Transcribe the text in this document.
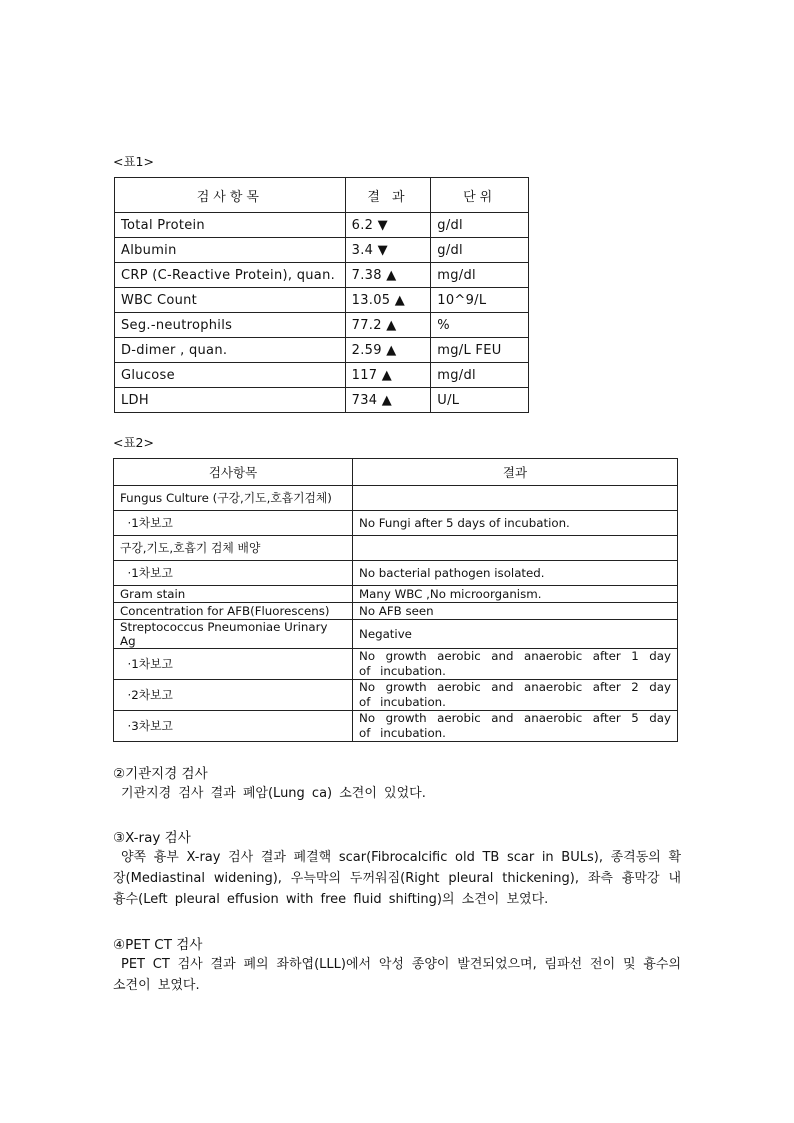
<표1>
검사항목	결 과	단위
Total Protein	6.2 ▼	g/dl
Albumin	3.4 ▼	g/dl
CRP (C-Reactive Protein), quan.	7.38 ▲	mg/dl
WBC Count	13.05 ▲	10^9/L
Seg.-neutrophils	77.2 ▲	%
D-dimer , quan.	2.59 ▲	mg/L FEU
Glucose	117 ▲	mg/dl
LDH	734 ▲	U/L
<표2>
검사항목	결과
Fungus Culture (구강,기도,호흡기검체)	
·1차보고	No Fungi after 5 days of incubation.
구강,기도,호흡기 검체 배양	
·1차보고	No bacterial pathogen isolated.
Gram stain	Many WBC ,No microorganism.
Concentration for AFB(Fluorescens)	No AFB seen
Streptococcus Pneumoniae Urinary Ag	Negative
·1차보고	No growth aerobic and anaerobic after 1 day of incubation.
·2차보고	No growth aerobic and anaerobic after 2 day of incubation.
·3차보고	No growth aerobic and anaerobic after 5 day of incubation.
②기관지경 검사
기관지경 검사 결과 폐암(Lung ca) 소견이 있었다.
③X-ray 검사
양쪽 흉부 X-ray 검사 결과 폐결핵 scar(Fibrocalcific old TB scar in BULs), 종격동의 확장(Mediastinal widening), 우늑막의 두꺼워짐(Right pleural thickening), 좌측 흉막강 내 흉수(Left pleural effusion with free fluid shifting)의 소견이 보였다.
④PET CT 검사
PET CT 검사 결과 폐의 좌하엽(LLL)에서 악성 종양이 발견되었으며, 림파선 전이 및 흉수의 소견이 보였다.
